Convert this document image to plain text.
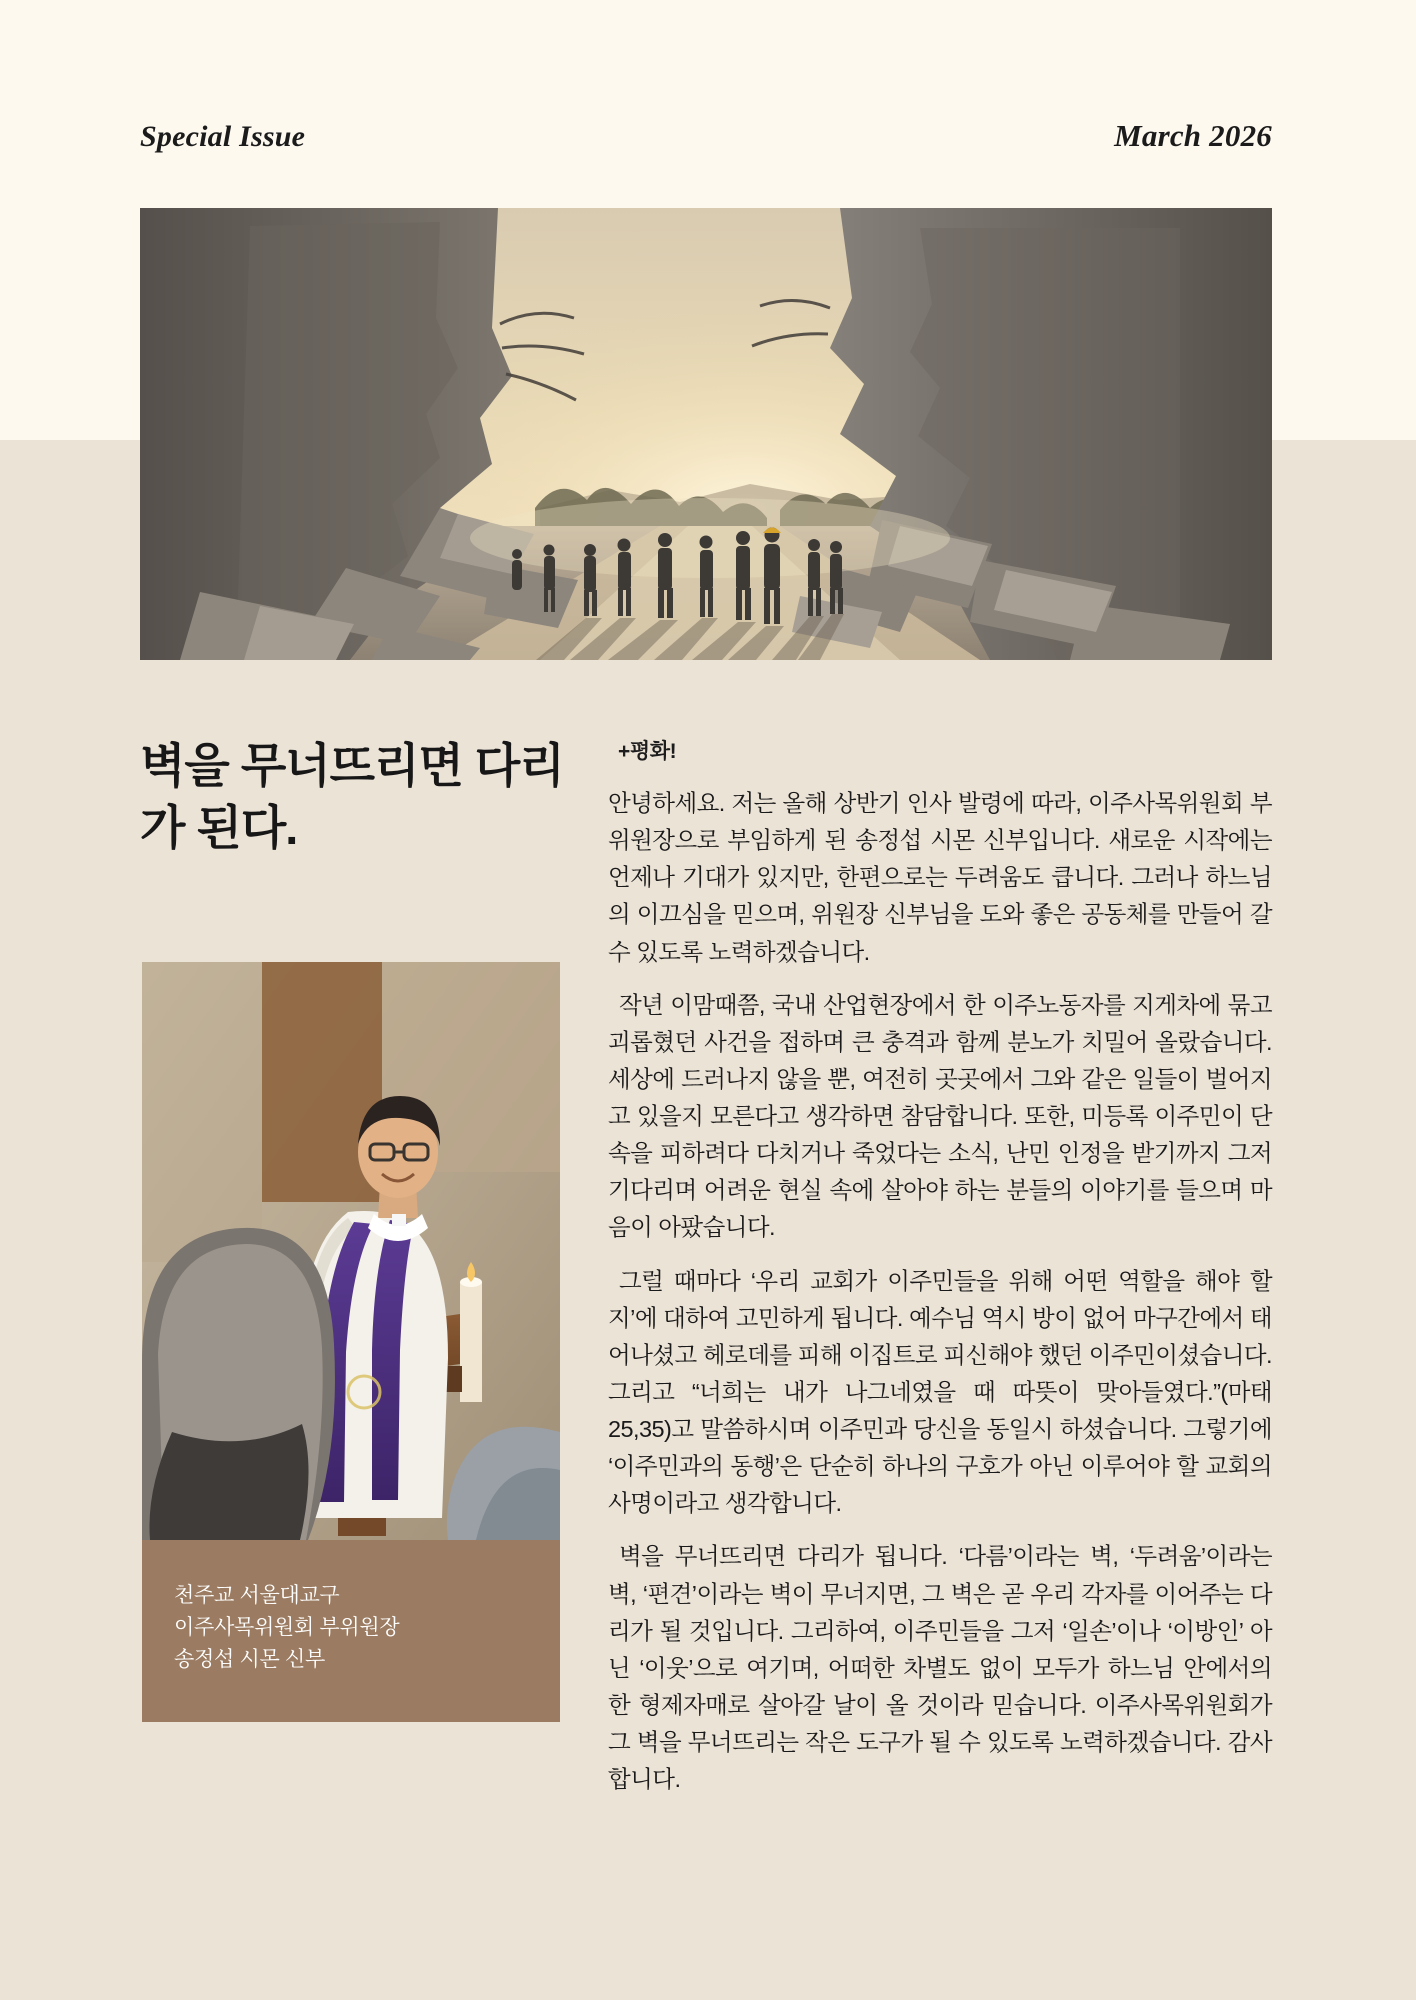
Special Issue	March 2026
벽을 무너뜨리면 다리가 된다.
천주교 서울대교구
이주사목위원회 부위원장
송정섭 시몬 신부
+평화!

안녕하세요. 저는 올해 상반기 인사 발령에 따라, 이주사목위원회 부위원장으로 부임하게 된 송정섭 시몬 신부입니다. 새로운 시작에는 언제나 기대가 있지만, 한편으로는 두려움도 큽니다. 그러나 하느님의 이끄심을 믿으며, 위원장 신부님을 도와 좋은 공동체를 만들어 갈 수 있도록 노력하겠습니다.

작년 이맘때쯤, 국내 산업현장에서 한 이주노동자를 지게차에 묶고 괴롭혔던 사건을 접하며 큰 충격과 함께 분노가 치밀어 올랐습니다. 세상에 드러나지 않을 뿐, 여전히 곳곳에서 그와 같은 일들이 벌어지고 있을지 모른다고 생각하면 참담합니다. 또한, 미등록 이주민이 단속을 피하려다 다치거나 죽었다는 소식, 난민 인정을 받기까지 그저 기다리며 어려운 현실 속에 살아야 하는 분들의 이야기를 들으며 마음이 아팠습니다.

그럴 때마다 ‘우리 교회가 이주민들을 위해 어떤 역할을 해야 할지’에 대하여 고민하게 됩니다. 예수님 역시 방이 없어 마구간에서 태어나셨고 헤로데를 피해 이집트로 피신해야 했던 이주민이셨습니다. 그리고 “너희는 내가 나그네였을 때 따뜻이 맞아들였다.”(마태 25,35)고 말씀하시며 이주민과 당신을 동일시 하셨습니다. 그렇기에 ‘이주민과의 동행’은 단순히 하나의 구호가 아닌 이루어야 할 교회의 사명이라고 생각합니다.

벽을 무너뜨리면 다리가 됩니다. ‘다름’이라는 벽, ‘두려움’이라는 벽, ‘편견’이라는 벽이 무너지면, 그 벽은 곧 우리 각자를 이어주는 다리가 될 것입니다. 그리하여, 이주민들을 그저 ‘일손’이나 ‘이방인’ 아닌 ‘이웃’으로 여기며, 어떠한 차별도 없이 모두가 하느님 안에서의 한 형제자매로 살아갈 날이 올 것이라 믿습니다. 이주사목위원회가 그 벽을 무너뜨리는 작은 도구가 될 수 있도록 노력하겠습니다. 감사합니다.
